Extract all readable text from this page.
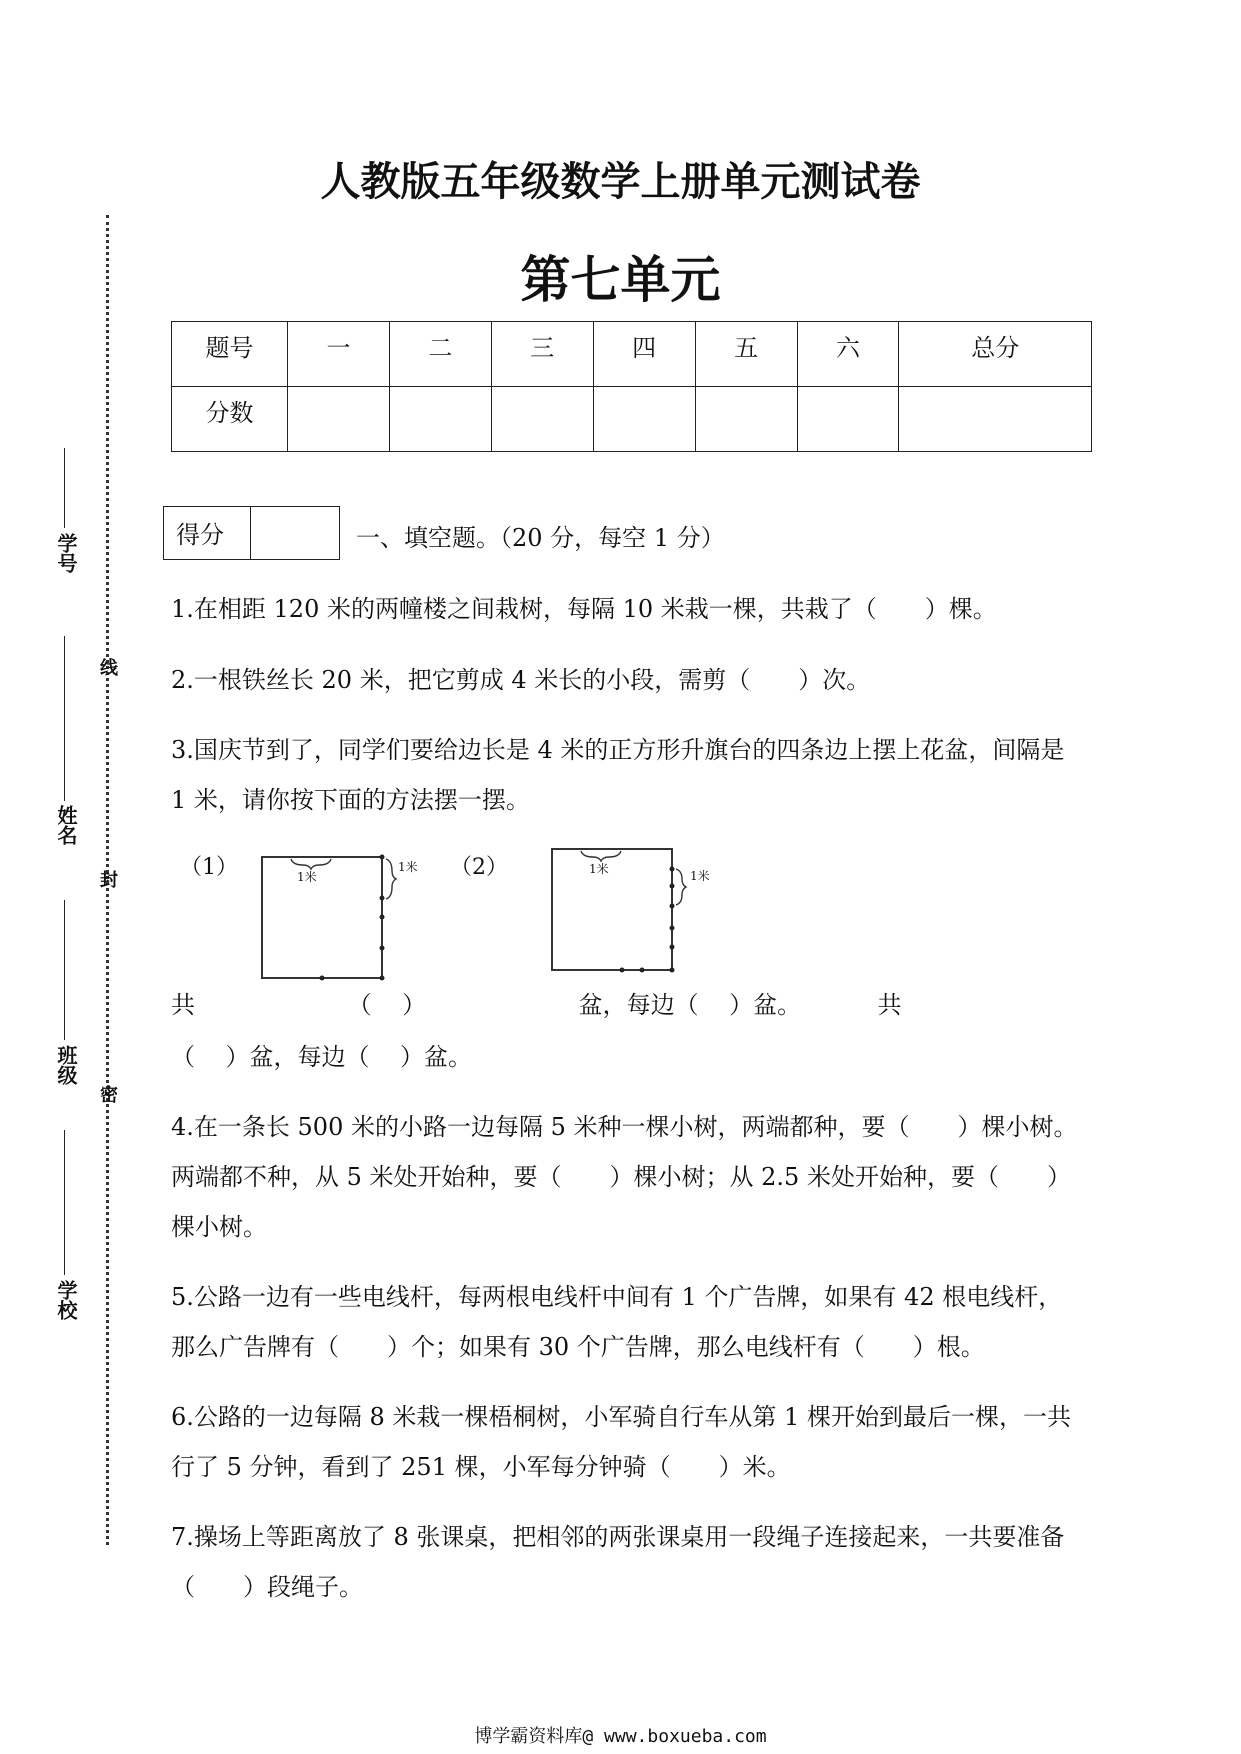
学号
姓名
班级
学校
线
封
密
人教版五年级数学上册单元测试卷
第七单元
题号	一	二	三	四	五	六	总分
分数							
得分	一、填空题。（20 分，每空 1 分）
1.在相距 120 米的两幢楼之间栽树，每隔 10 米栽一棵，共栽了（　　）棵。
2.一根铁丝长 20 米，把它剪成 4 米长的小段，需剪（　　）次。
3.国庆节到了，同学们要给边长是 4 米的正方形升旗台的四条边上摆上花盆，间隔是
1 米，请你按下面的方法摆一摆。
（1）	（2）
1米
1米	1米	1米
共                    （    ）                    盆，每边（    ）盆。          共
（    ）盆，每边（    ）盆。
4.在一条长 500 米的小路一边每隔 5 米种一棵小树，两端都种，要（　　）棵小树。
两端都不种，从 5 米处开始种，要（　　）棵小树；从 2.5 米处开始种，要（　　）
棵小树。
5.公路一边有一些电线杆，每两根电线杆中间有 1 个广告牌，如果有 42 根电线杆，
那么广告牌有（　　）个；如果有 30 个广告牌，那么电线杆有（　　）根。
6.公路的一边每隔 8 米栽一棵梧桐树，小军骑自行车从第 1 棵开始到最后一棵，一共
行了 5 分钟，看到了 251 棵，小军每分钟骑（　　）米。
7.操场上等距离放了 8 张课桌，把相邻的两张课桌用一段绳子连接起来，一共要准备
（　　）段绳子。
博学霸资料库@ www.boxueba.com
